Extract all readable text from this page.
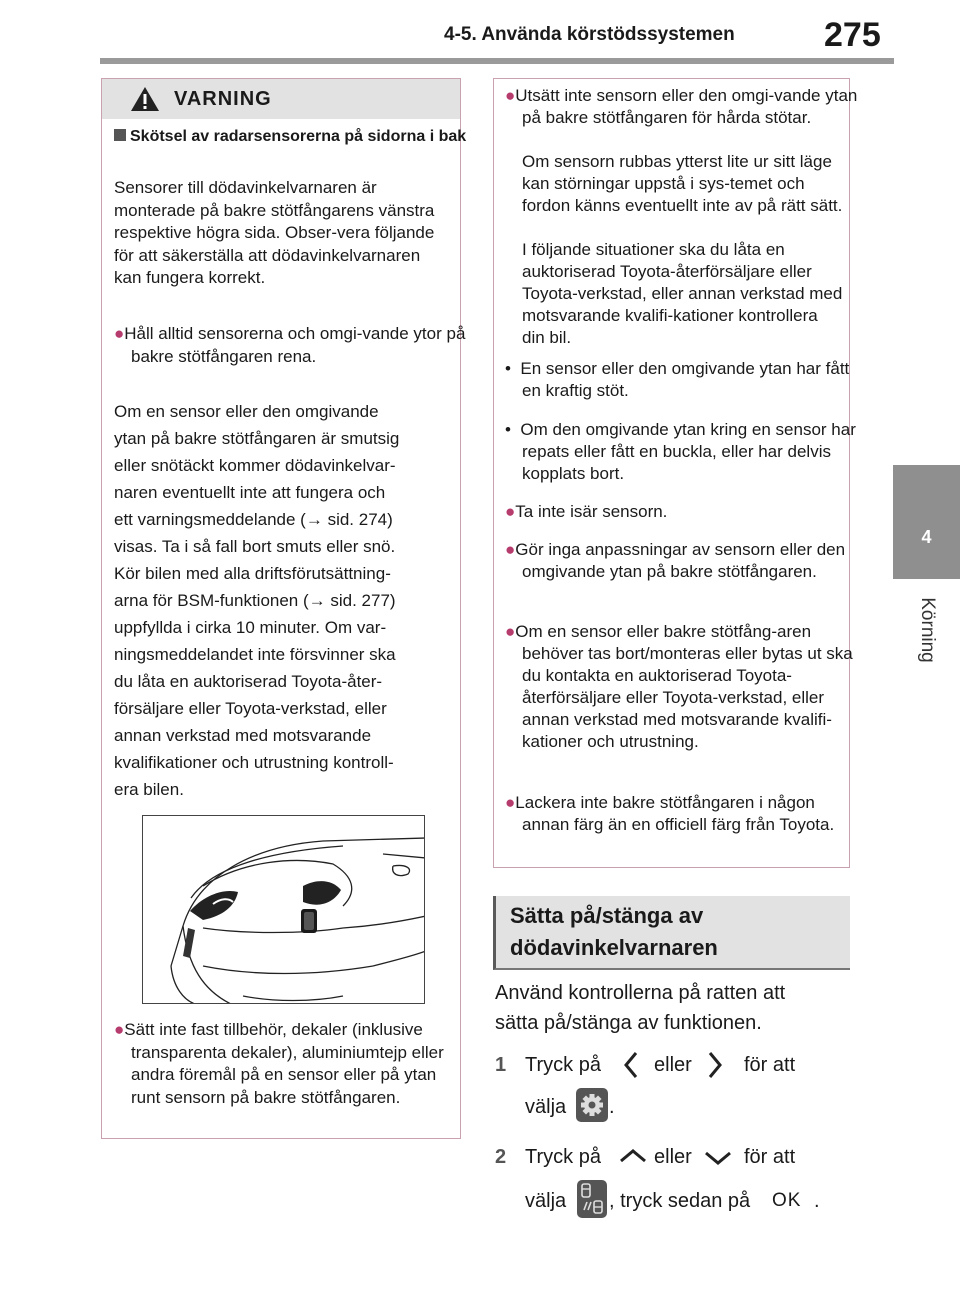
4-5. Använda körstödssystemen	275
4
Körning
VARNING
Skötsel av radarsensorerna på sidorna i bak
Sensorer till dödavinkelvarnaren är monterade på bakre stötfångarens vänstra respektive högra sida. Obser-vera följande för att säkerställa att dödavinkelvarnaren kan fungera korrekt.
●Håll alltid sensorerna och omgi-vande ytor på bakre stötfångaren rena.
Om en sensor eller den omgivande
ytan på bakre stötfångaren är smutsig
eller snötäckt kommer dödavinkelvar-
naren eventuellt inte att fungera och
ett varningsmeddelande (→ sid. 274)
visas. Ta i så fall bort smuts eller snö.
Kör bilen med alla driftsförutsättning-
arna för BSM-funktionen (→ sid. 277)
uppfyllda i cirka 10 minuter. Om var-
ningsmeddelandet inte försvinner ska
du låta en auktoriserad Toyota-åter-
försäljare eller Toyota-verkstad, eller
annan verkstad med motsvarande
kvalifikationer och utrustning kontroll-
era bilen.
●Sätt inte fast tillbehör, dekaler (inklusive transparenta dekaler), aluminiumtejp eller andra föremål på en sensor eller på ytan runt sensorn på bakre stötfångaren.
●Utsätt inte sensorn eller den omgi-vande ytan på bakre stötfångaren för hårda stötar.
Om sensorn rubbas ytterst lite ur sitt läge kan störningar uppstå i sys-temet och fordon känns eventuellt inte av på rätt sätt.
I följande situationer ska du låta en auktoriserad Toyota-återförsäljare eller Toyota-verkstad, eller annan verkstad med motsvarande kvalifi-kationer kontrollera din bil.
•  En sensor eller den omgivande ytan har fått en kraftig stöt.
•  Om den omgivande ytan kring en sensor har repats eller fått en buckla, eller har delvis kopplats bort.
●Ta inte isär sensorn.
●Gör inga anpassningar av sensorn eller den omgivande ytan på bakre stötfångaren.
●Om en sensor eller bakre stötfång-aren behöver tas bort/monteras eller bytas ut ska du kontakta en auktoriserad Toyota-återförsäljare eller Toyota-verkstad, eller annan verkstad med motsvarande kvalifi-kationer och utrustning.
●Lackera inte bakre stötfångaren i någon annan färg än en officiell färg från Toyota.
Sätta på/stänga av
dödavinkelvarnaren
Använd kontrollerna på ratten att
sätta på/stänga av funktionen.
1 Tryck på	eller	för att
välja .
2 Tryck på	eller	för att
välja , tryck sedan på OK .
